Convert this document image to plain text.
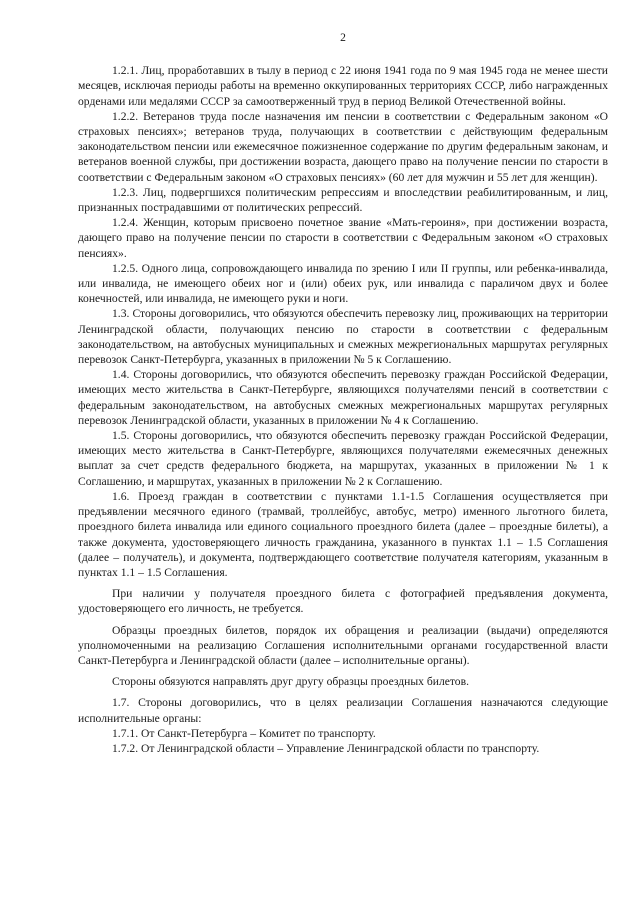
2

1.2.1. Лиц, проработавших в тылу в период с 22 июня 1941 года по 9 мая 1945 года не менее шести месяцев, исключая периоды работы на временно оккупированных территориях СССР, либо награжденных орденами или медалями СССР за самоотверженный труд в период Великой Отечественной войны.

1.2.2. Ветеранов труда после назначения им пенсии в соответствии с Федеральным законом «О страховых пенсиях»; ветеранов труда, получающих в соответствии с действующим федеральным законодательством пенсии или ежемесячное пожизненное содержание по другим федеральным законам, и ветеранов военной службы, при достижении возраста, дающего право на получение пенсии по старости в соответствии с Федеральным законом «О страховых пенсиях» (60 лет для мужчин и 55 лет для женщин).

1.2.3. Лиц, подвергшихся политическим репрессиям и впоследствии реабилитированным, и лиц, признанных пострадавшими от политических репрессий.

1.2.4. Женщин, которым присвоено почетное звание «Мать-героиня», при достижении возраста, дающего право на получение пенсии по старости в соответствии с Федеральным законом «О страховых пенсиях».

1.2.5. Одного лица, сопровождающего инвалида по зрению I или II группы, или ребенка-инвалида, или инвалида, не имеющего обеих ног и (или) обеих рук, или инвалида с параличом двух и более конечностей, или инвалида, не имеющего руки и ноги.

1.3. Стороны договорились, что обязуются обеспечить перевозку лиц, проживающих на территории Ленинградской области, получающих пенсию по старости в соответствии с федеральным законодательством, на автобусных муниципальных и смежных межрегиональных маршрутах регулярных перевозок Санкт-Петербурга, указанных в приложении № 5 к Соглашению.

1.4. Стороны договорились, что обязуются обеспечить перевозку граждан Российской Федерации, имеющих место жительства в Санкт-Петербурге, являющихся получателями пенсий в соответствии с федеральным законодательством, на автобусных смежных межрегиональных маршрутах регулярных перевозок Ленинградской области, указанных в приложении № 4 к Соглашению.

1.5. Стороны договорились, что обязуются обеспечить перевозку граждан Российской Федерации, имеющих место жительства в Санкт-Петербурге, являющихся получателями ежемесячных денежных выплат за счет средств федерального бюджета, на маршрутах, указанных в приложении № 1 к Соглашению, и маршрутах, указанных в приложении № 2 к Соглашению.

1.6. Проезд граждан в соответствии с пунктами 1.1-1.5 Соглашения осуществляется при предъявлении месячного единого (трамвай, троллейбус, автобус, метро) именного льготного билета, проездного билета инвалида или единого социального проездного билета (далее – проездные билеты), а также документа, удостоверяющего личность гражданина, указанного в пунктах 1.1 – 1.5 Соглашения (далее – получатель), и документа, подтверждающего соответствие получателя категориям, указанным в пунктах 1.1 – 1.5 Соглашения.

При наличии у получателя проездного билета с фотографией предъявления документа, удостоверяющего его личность, не требуется.

Образцы проездных билетов, порядок их обращения и реализации (выдачи) определяются уполномоченными на реализацию Соглашения исполнительными органами государственной власти Санкт-Петербурга и Ленинградской области (далее – исполнительные органы).

Стороны обязуются направлять друг другу образцы проездных билетов.

1.7. Стороны договорились, что в целях реализации Соглашения назначаются следующие исполнительные органы:

1.7.1. От Санкт-Петербурга – Комитет по транспорту.

1.7.2. От Ленинградской области – Управление Ленинградской области по транспорту.
